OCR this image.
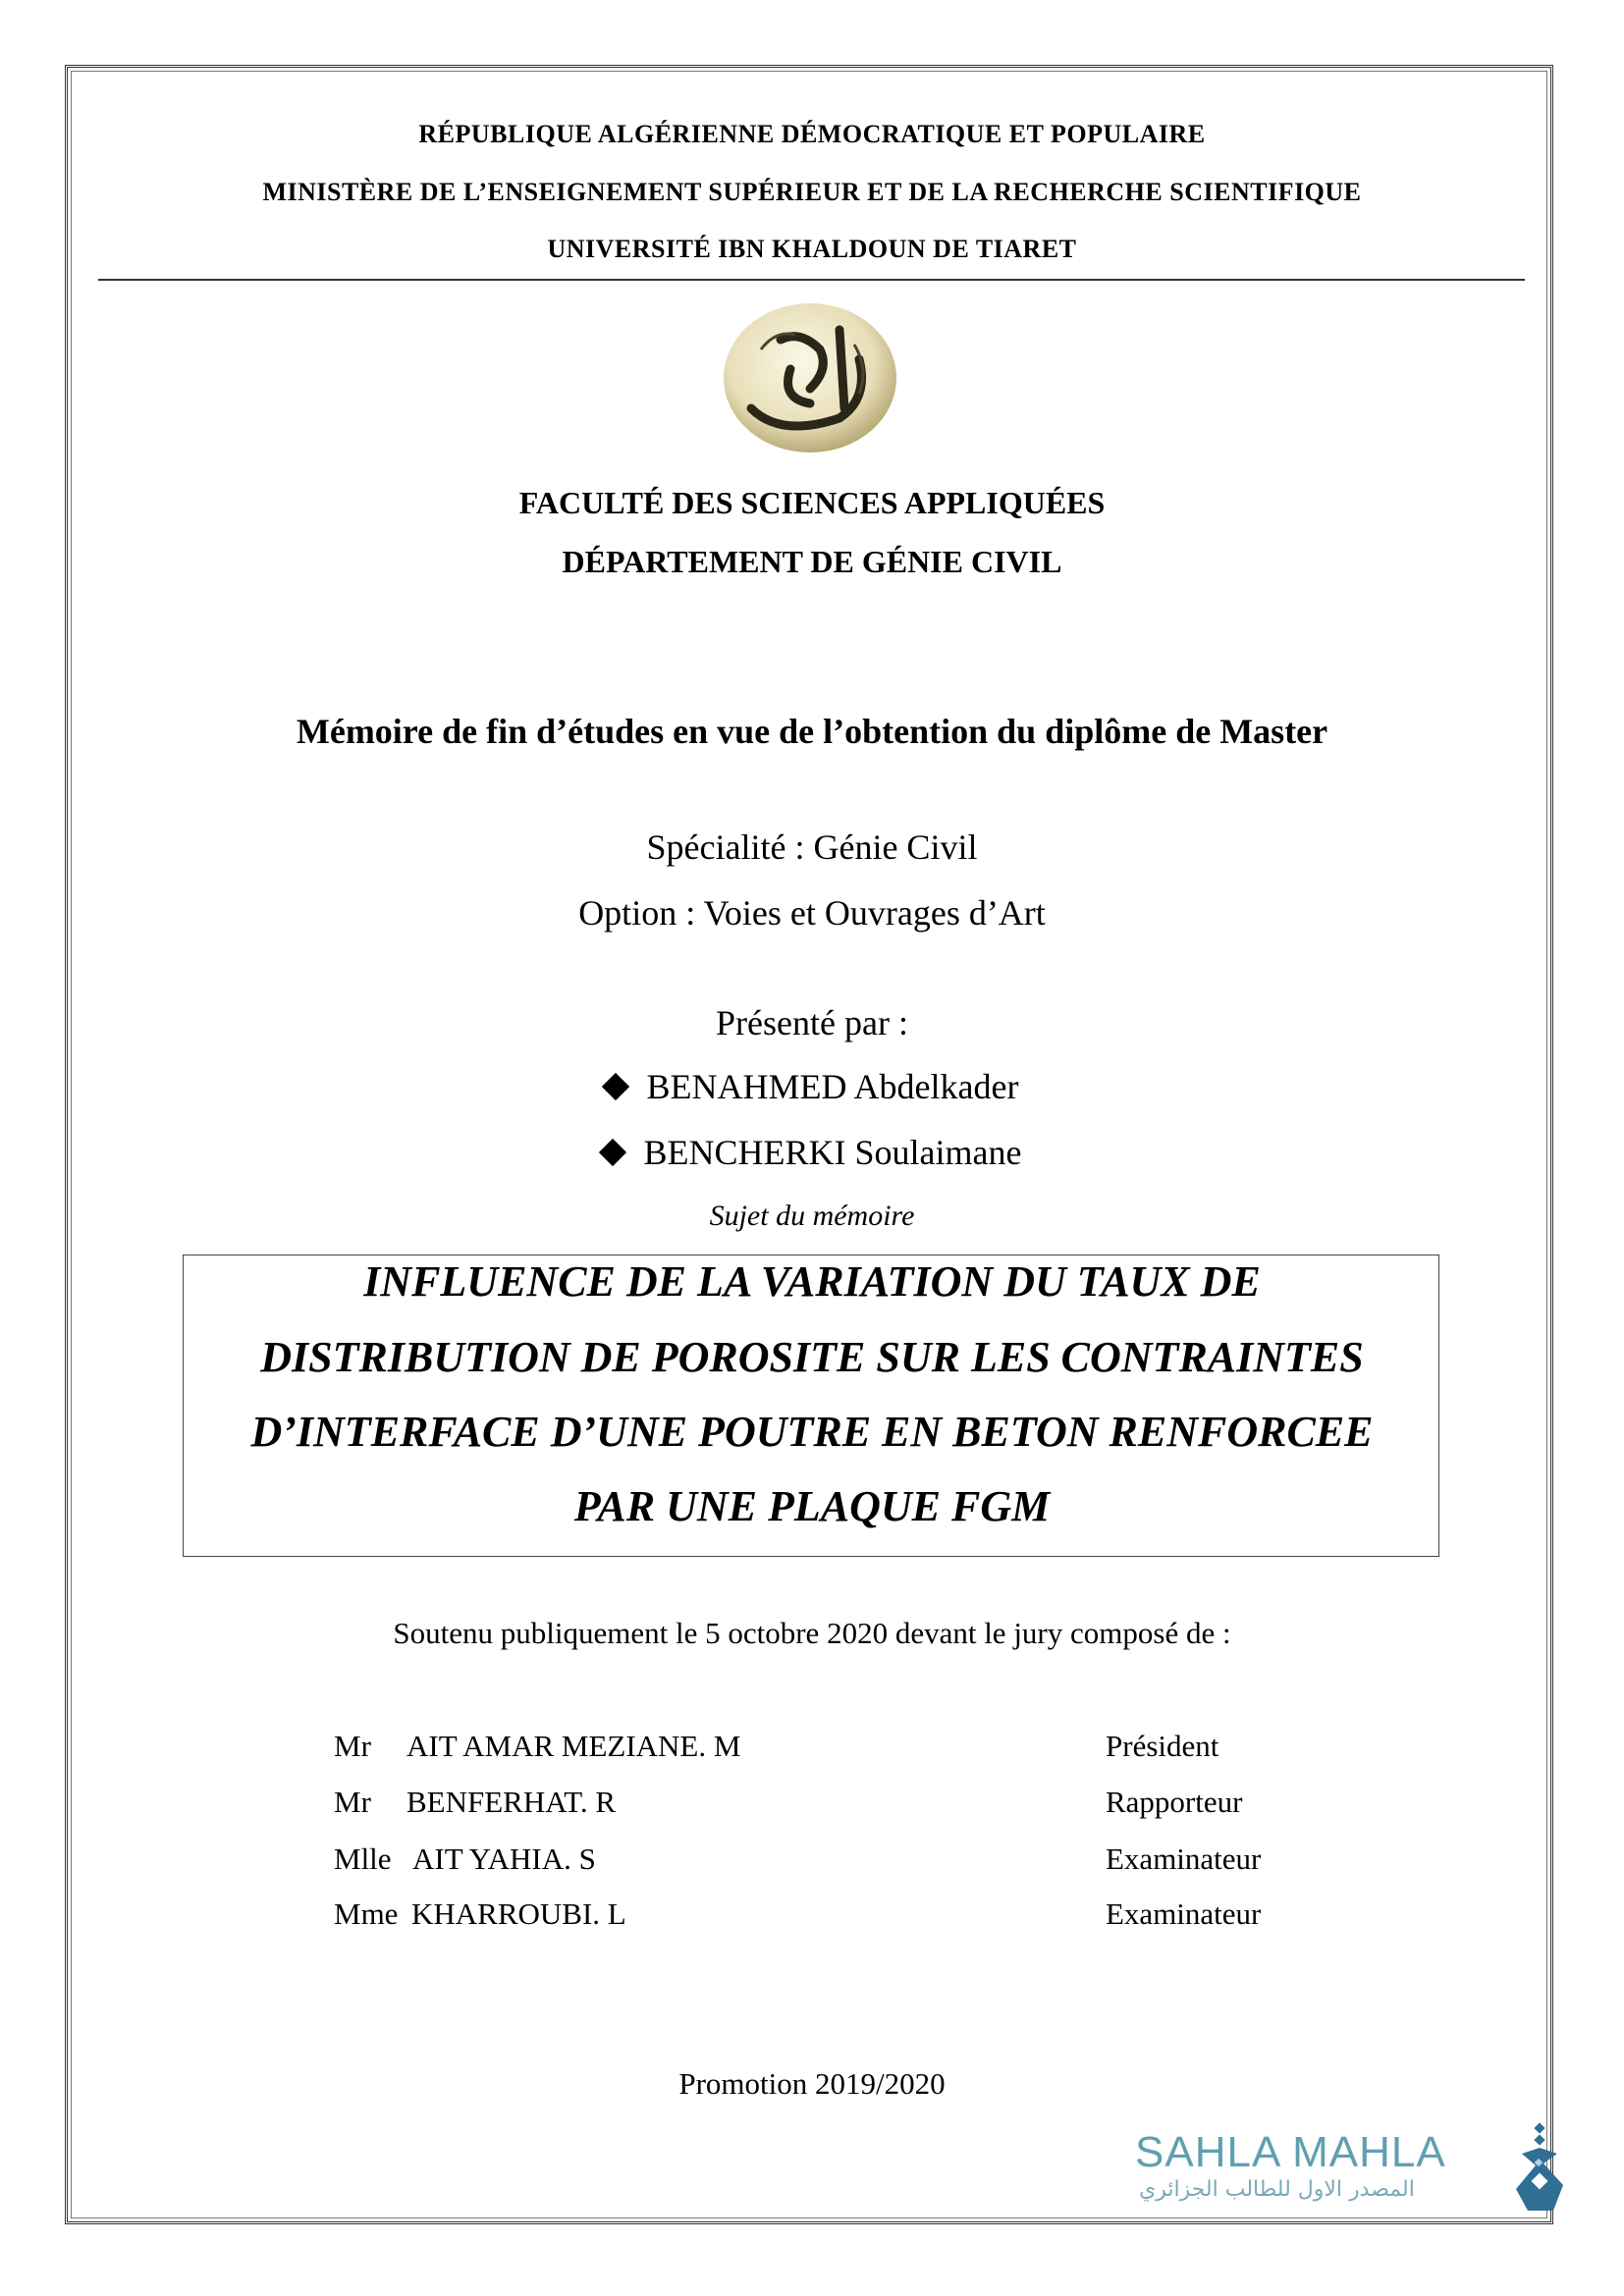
RÉPUBLIQUE ALGÉRIENNE DÉMOCRATIQUE ET POPULAIRE
MINISTÈRE DE L’ENSEIGNEMENT SUPÉRIEUR ET DE LA RECHERCHE SCIENTIFIQUE
UNIVERSITÉ IBN KHALDOUN DE TIARET
FACULTÉ DES SCIENCES APPLIQUÉES
DÉPARTEMENT DE GÉNIE CIVIL
Mémoire de fin d’études en vue de l’obtention du diplôme de Master
Spécialité : Génie Civil
Option : Voies et Ouvrages d’Art
Présenté par :
BENAHMED Abdelkader
BENCHERKI Soulaimane
Sujet du mémoire
INFLUENCE DE LA VARIATION DU TAUX DE
DISTRIBUTION DE POROSITE SUR LES CONTRAINTES
D’INTERFACE D’UNE POUTRE EN BETON RENFORCEE
PAR UNE PLAQUE FGM
Soutenu publiquement le 5 octobre 2020 devant le jury composé de :
Mr AIT AMAR MEZIANE. M	Président
Mr BENFERHAT. R	Rapporteur
Mlle AIT YAHIA. S	Examinateur
Mme KHARROUBI. L	Examinateur
Promotion 2019/2020
SAHLA MAHLA
المصدر الاول للطالب الجزائري
